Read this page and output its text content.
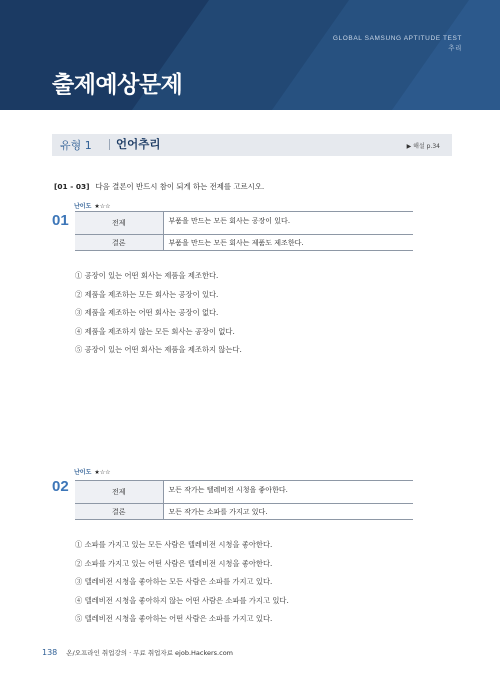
GLOBAL SAMSUNG APTITUDE TEST
추리
출제예상문제
유형 1 언어추리	▶ 해설 p.34
[01 - 03] 다음 결론이 반드시 참이 되게 하는 전제를 고르시오.
난이도 ★☆☆
01	전제	부품을 만드는 모든 회사는 공장이 있다.
결론	부품을 만드는 모든 회사는 제품도 제조한다.
① 공장이 있는 어떤 회사는 제품을 제조한다.
② 제품을 제조하는 모든 회사는 공장이 있다.
③ 제품을 제조하는 어떤 회사는 공장이 없다.
④ 제품을 제조하지 않는 모든 회사는 공장이 없다.
⑤ 공장이 있는 어떤 회사는 제품을 제조하지 않는다.
난이도 ★☆☆
02	전제	모든 작가는 텔레비전 시청을 좋아한다.
결론	모든 작가는 소파를 가지고 있다.
① 소파를 가지고 있는 모든 사람은 텔레비전 시청을 좋아한다.
② 소파를 가지고 있는 어떤 사람은 텔레비전 시청을 좋아한다.
③ 텔레비전 시청을 좋아하는 모든 사람은 소파를 가지고 있다.
④ 텔레비전 시청을 좋아하지 않는 어떤 사람은 소파를 가지고 있다.
⑤ 텔레비전 시청을 좋아하는 어떤 사람은 소파를 가지고 있다.
138 온/오프라인 취업강의 · 무료 취업자료 ejob.Hackers.com
